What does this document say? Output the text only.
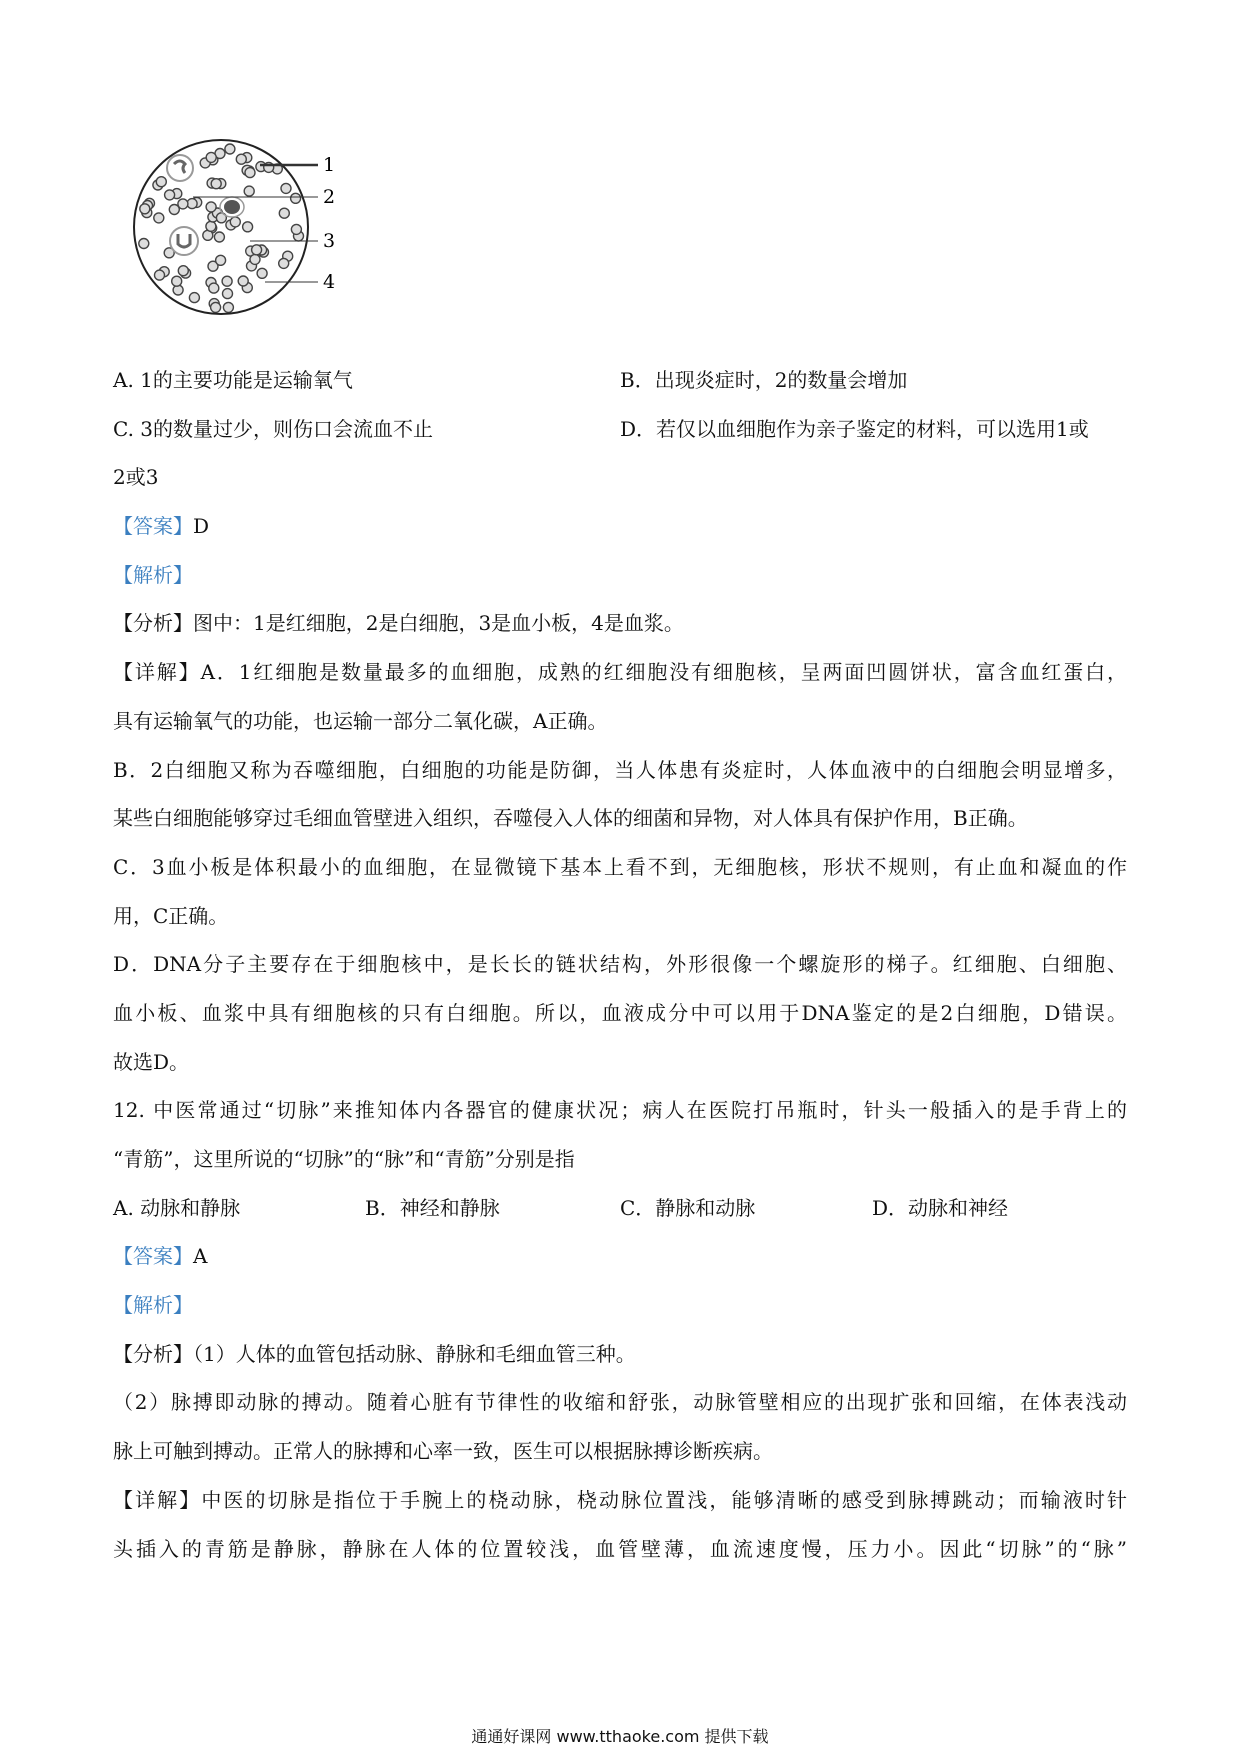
1
2
3
4
A. 1的主要功能是运输氧气	B．出现炎症时，2的数量会增加
C. 3的数量过少，则伤口会流血不止	D．若仅以血细胞作为亲子鉴定的材料，可以选用1或
2或3
【答案】D
【解析】
【分析】图中：1是红细胞，2是白细胞，3是血小板，4是血浆。
【详解】A．1红细胞是数量最多的血细胞，成熟的红细胞没有细胞核，呈两面凹圆饼状，富含血红蛋白，
具有运输氧气的功能，也运输一部分二氧化碳，A正确。
B．2白细胞又称为吞噬细胞，白细胞的功能是防御，当人体患有炎症时，人体血液中的白细胞会明显增多，
某些白细胞能够穿过毛细血管壁进入组织，吞噬侵入人体的细菌和异物，对人体具有保护作用，B正确。
C．3血小板是体积最小的血细胞，在显微镜下基本上看不到，无细胞核，形状不规则，有止血和凝血的作
用，C正确。
D．DNA分子主要存在于细胞核中，是长长的链状结构，外形很像一个螺旋形的梯子。红细胞、白细胞、
血小板、血浆中具有细胞核的只有白细胞。所以，血液成分中可以用于DNA鉴定的是2白细胞，D错误。
故选D。
12. 中医常通过“切脉”来推知体内各器官的健康状况；病人在医院打吊瓶时，针头一般插入的是手背上的
“青筋”，这里所说的“切脉”的“脉”和“青筋”分别是指
A. 动脉和静脉	B．神经和静脉	C．静脉和动脉	D．动脉和神经
【答案】A
【解析】
【分析】（1）人体的血管包括动脉、静脉和毛细血管三种。
（2）脉搏即动脉的搏动。随着心脏有节律性的收缩和舒张，动脉管壁相应的出现扩张和回缩，在体表浅动
脉上可触到搏动。正常人的脉搏和心率一致，医生可以根据脉搏诊断疾病。
【详解】中医的切脉是指位于手腕上的桡动脉，桡动脉位置浅，能够清晰的感受到脉搏跳动；而输液时针
头插入的青筋是静脉，静脉在人体的位置较浅，血管壁薄，血流速度慢，压力小。因此“切脉”的“脉”
通通好课网 www.tthaoke.com 提供下载
